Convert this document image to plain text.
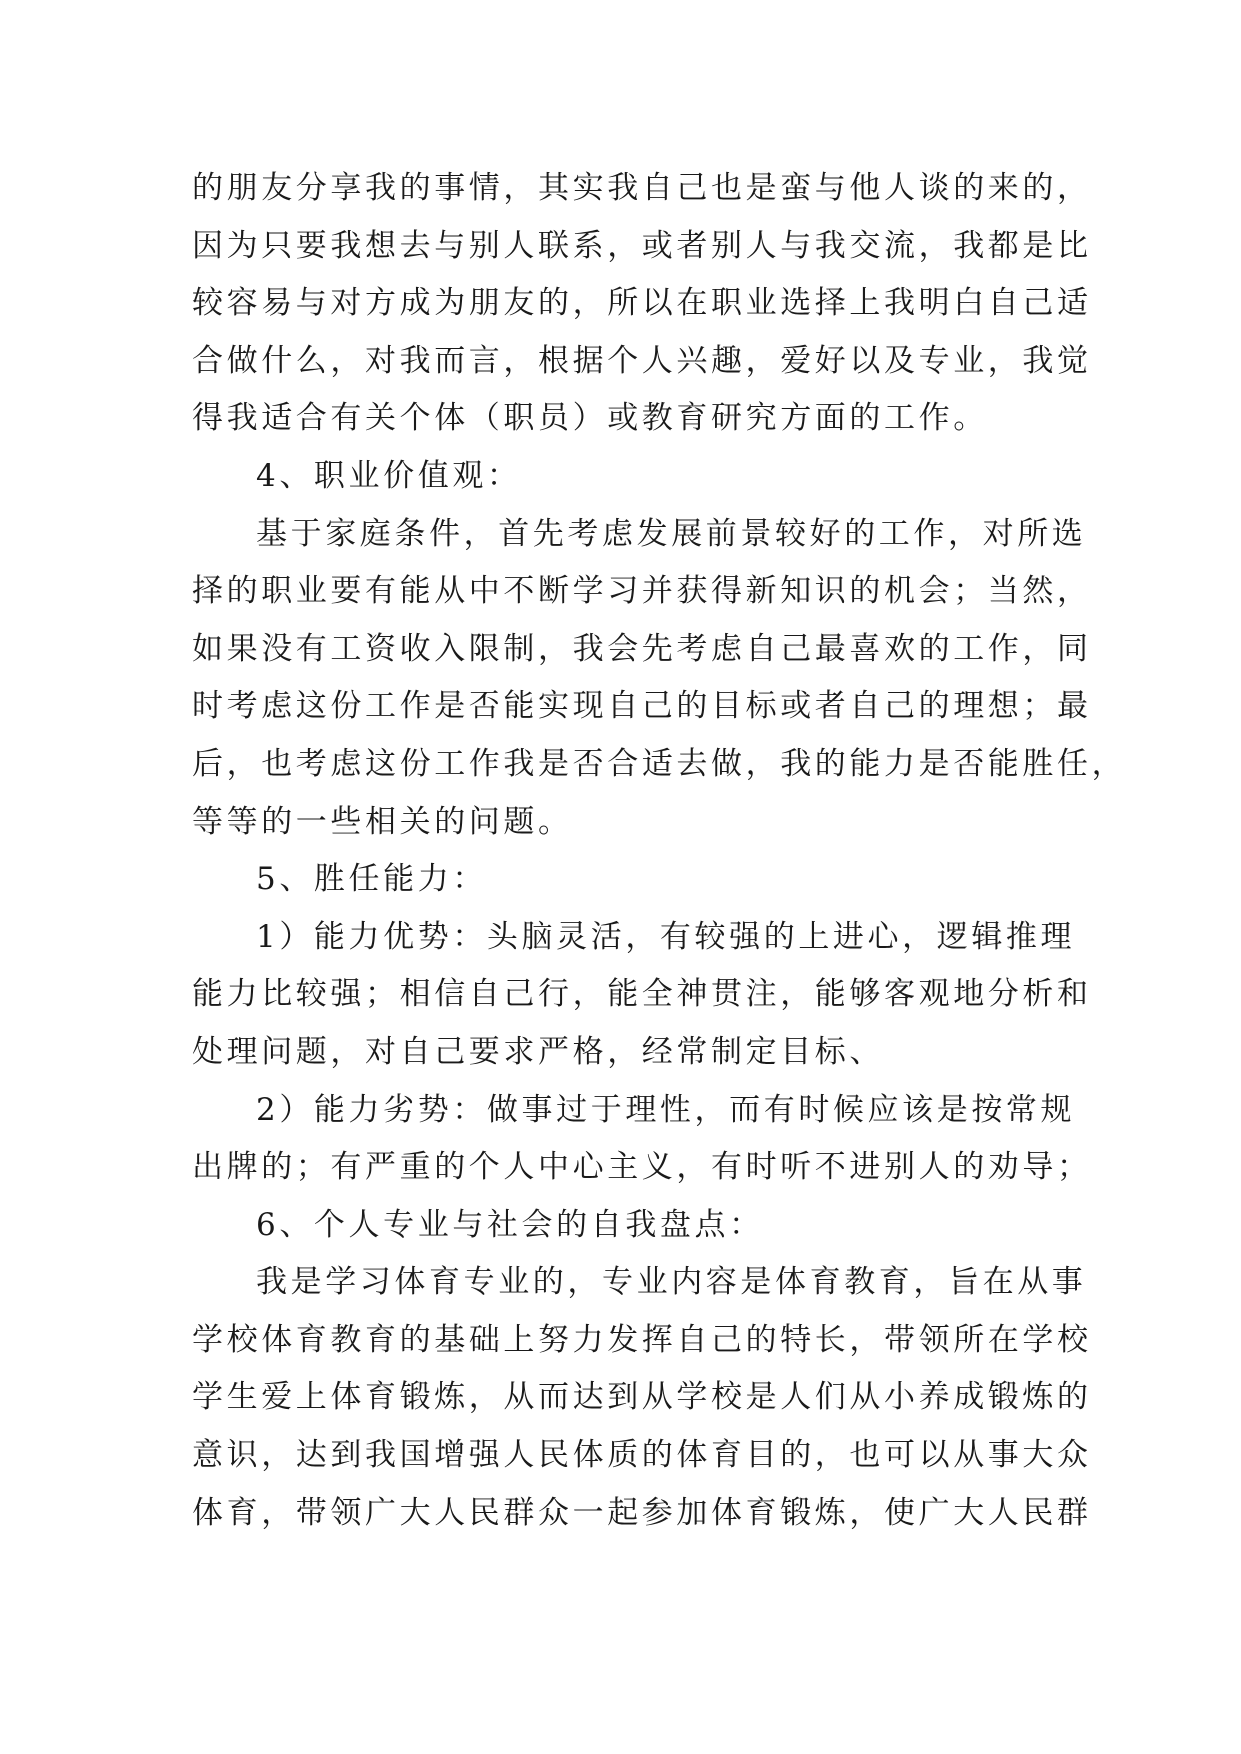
的朋友分享我的事情，其实我自己也是蛮与他人谈的来的，
因为只要我想去与别人联系，或者别人与我交流，我都是比
较容易与对方成为朋友的，所以在职业选择上我明白自己适
合做什么，对我而言，根据个人兴趣，爱好以及专业，我觉
得我适合有关个体（职员）或教育研究方面的工作。
4、职业价值观：
基于家庭条件，首先考虑发展前景较好的工作，对所选
择的职业要有能从中不断学习并获得新知识的机会；当然，
如果没有工资收入限制，我会先考虑自己最喜欢的工作，同
时考虑这份工作是否能实现自己的目标或者自己的理想；最
后，也考虑这份工作我是否合适去做，我的能力是否能胜任，
等等的一些相关的问题。
5、胜任能力：
1）能力优势：头脑灵活，有较强的上进心，逻辑推理
能力比较强；相信自己行，能全神贯注，能够客观地分析和
处理问题，对自己要求严格，经常制定目标、
2）能力劣势：做事过于理性，而有时候应该是按常规
出牌的；有严重的个人中心主义，有时听不进别人的劝导；
6、个人专业与社会的自我盘点：
我是学习体育专业的，专业内容是体育教育，旨在从事
学校体育教育的基础上努力发挥自己的特长，带领所在学校
学生爱上体育锻炼，从而达到从学校是人们从小养成锻炼的
意识，达到我国增强人民体质的体育目的，也可以从事大众
体育，带领广大人民群众一起参加体育锻炼，使广大人民群
